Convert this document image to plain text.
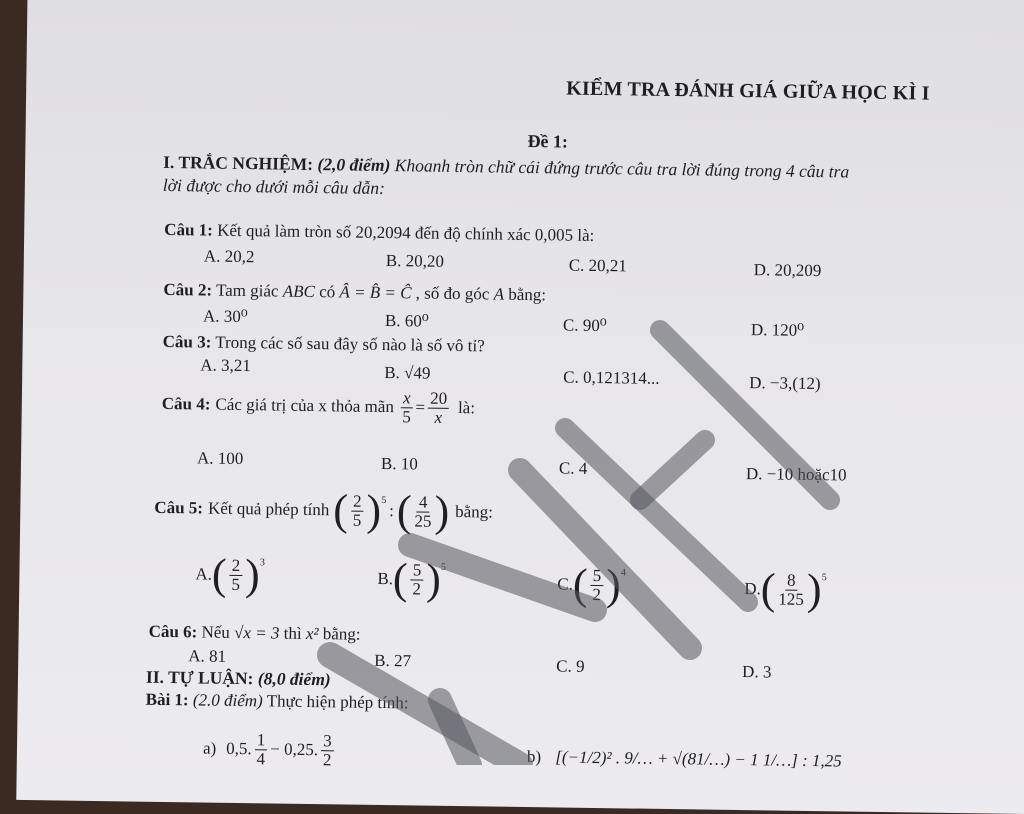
KIỂM TRA ĐÁNH GIÁ GIỮA HỌC KÌ I
Đề 1:
I. TRẮC NGHIỆM: (2,0 điểm) Khoanh tròn chữ cái đứng trước câu tra lời đúng trong 4 câu tra
lời được cho dưới mỗi câu dẫn:
Câu 1: Kết quả làm tròn số 20,2094 đến độ chính xác 0,005 là:
A. 20,2	B. 20,20	C. 20,21	D. 20,209
Câu 2: Tam giác ABC có Â = B̂ = Ĉ , số đo góc A bằng:
A. 30⁰	B. 60⁰	C. 90⁰	D. 120⁰
Câu 3: Trong các số sau đây số nào là số vô tỉ?
A. 3,21	B. √49	C. 0,121314...	D. −3,(12)
Câu 4: Các giá trị của x thỏa mãn $\frac{x}{5} = \frac{20}{x}$ là:
A. 100	B. 10	C. 4	D. −10 hoặc10
Câu 5: Kết quả phép tính ( $\frac{2}{5}$ ) 5
: ( $\frac{4}{25}$ ) bằng:
A. ( $\frac{2}{5}$ ) 3
B. ( $\frac{5}{2}$ ) 5
C. ( $\frac{5}{2}$ ) 4
D. ( $\frac{8}{125}$ ) 5
Câu 6: Nếu √x = 3 thì x² bằng:
A. 81	B. 27	C. 9	D. 3
II. TỰ LUẬN: (8,0 điểm)
Bài 1: (2.0 điểm) Thực hiện phép tính:
a) 0,5. $\frac{1}{4} - 0,25$. $\frac{3}{2}$	b) [(−1/2)² . 9/… + √(81/…) − 1 1/…] : 1,25
